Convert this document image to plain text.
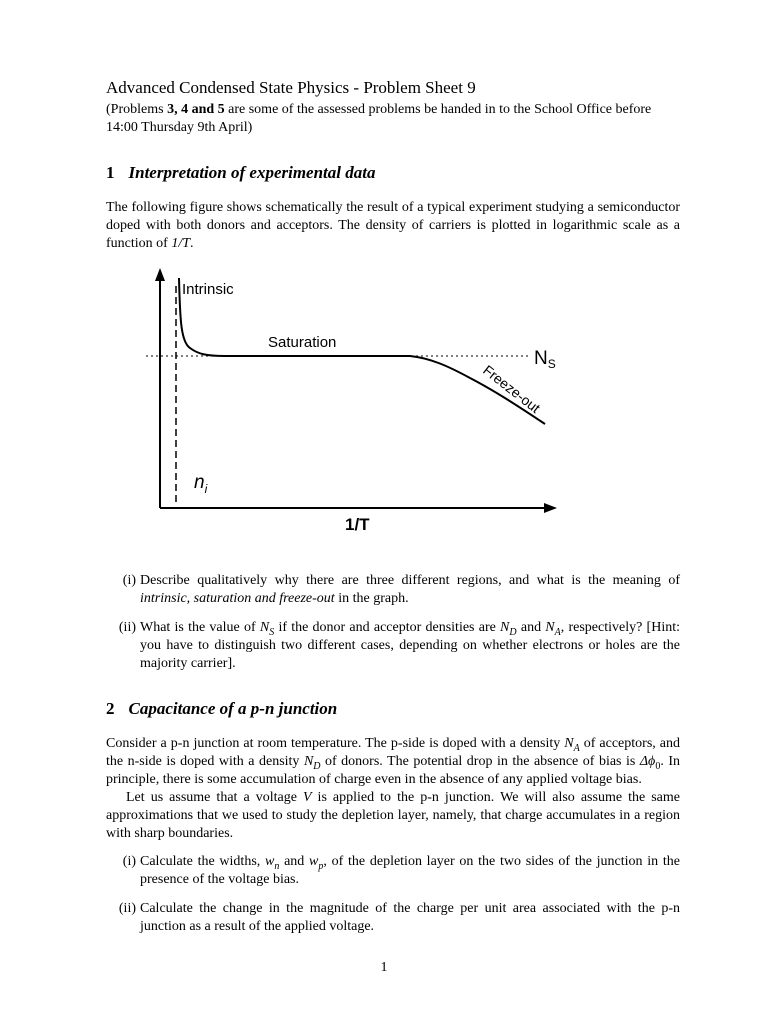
Advanced Condensed State Physics - Problem Sheet 9

(Problems 3, 4 and 5 are some of the assessed problems be handed in to the School Office before 14:00 Thursday 9th April)

1 Interpretation of experimental data

The following figure shows schematically the result of a typical experiment studying a semiconductor doped with both donors and acceptors. The density of carriers is plotted in logarithmic scale as a function of 1/T.

Intrinsic
Saturation
Freeze-out
$N_S$
$n_i$
1/T
(i) Describe qualitatively why there are three different regions, and what is the meaning of intrinsic, saturation and freeze-out in the graph.
(ii) What is the value of $N_S$ if the donor and acceptor densities are $N_D$ and $N_A$, respectively? [Hint: you have to distinguish two different cases, depending on whether electrons or holes are the majority carrier].
2 Capacitance of a p-n junction

Consider a p-n junction at room temperature. The p-side is doped with a density $N_A$ of acceptors, and the n-side is doped with a density $N_D$ of donors. The potential drop in the absence of bias is $\Delta\phi_0$. In principle, there is some accumulation of charge even in the absence of any applied voltage bias.

Let us assume that a voltage V is applied to the p-n junction. We will also assume the same approximations that we used to study the depletion layer, namely, that charge accumulates in a region with sharp boundaries.

(i) Calculate the widths, $w_n$ and $w_p$, of the depletion layer on the two sides of the junction in the presence of the voltage bias.
(ii) Calculate the change in the magnitude of the charge per unit area associated with the p-n junction as a result of the applied voltage.
1
